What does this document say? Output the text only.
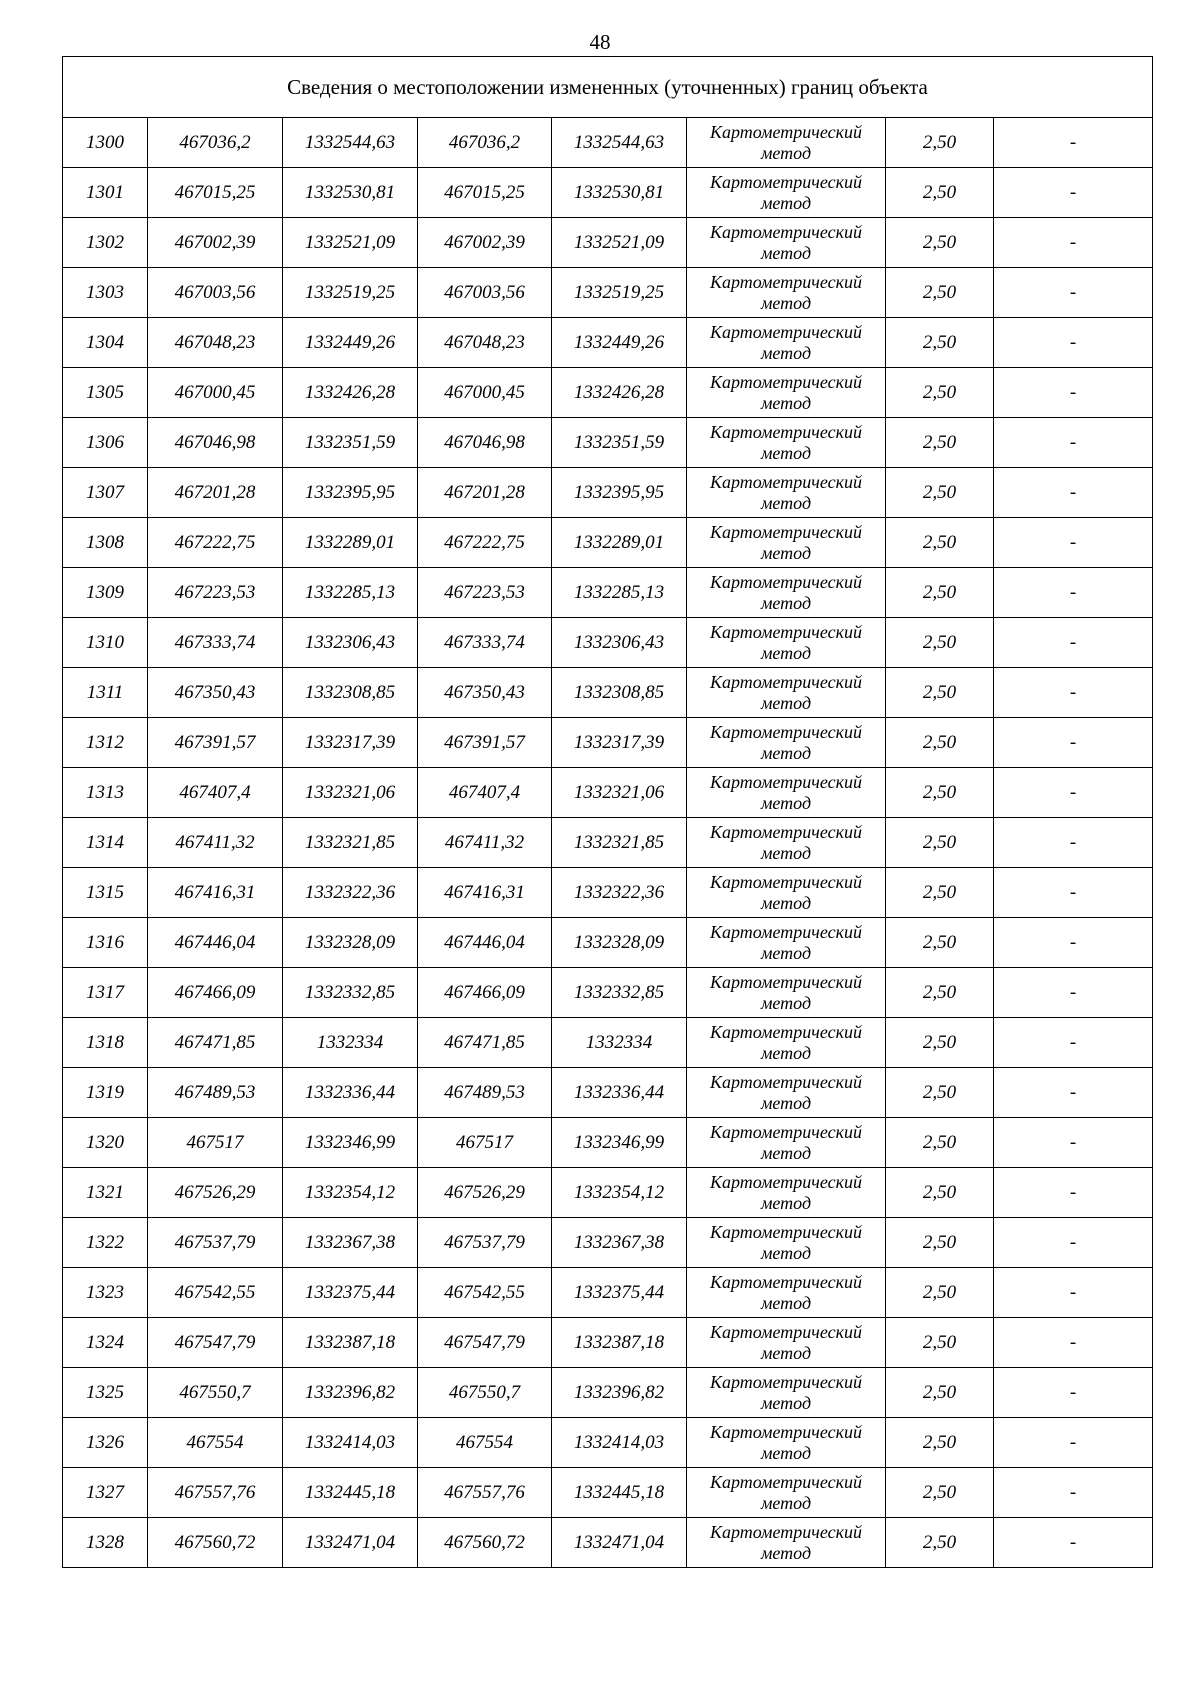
48
Сведения о местоположении измененных (уточненных) границ объекта							
1300	467036,2	1332544,63	467036,2	1332544,63	Картометрический
метод	2,50	-
1301	467015,25	1332530,81	467015,25	1332530,81	Картометрический
метод	2,50	-
1302	467002,39	1332521,09	467002,39	1332521,09	Картометрический
метод	2,50	-
1303	467003,56	1332519,25	467003,56	1332519,25	Картометрический
метод	2,50	-
1304	467048,23	1332449,26	467048,23	1332449,26	Картометрический
метод	2,50	-
1305	467000,45	1332426,28	467000,45	1332426,28	Картометрический
метод	2,50	-
1306	467046,98	1332351,59	467046,98	1332351,59	Картометрический
метод	2,50	-
1307	467201,28	1332395,95	467201,28	1332395,95	Картометрический
метод	2,50	-
1308	467222,75	1332289,01	467222,75	1332289,01	Картометрический
метод	2,50	-
1309	467223,53	1332285,13	467223,53	1332285,13	Картометрический
метод	2,50	-
1310	467333,74	1332306,43	467333,74	1332306,43	Картометрический
метод	2,50	-
1311	467350,43	1332308,85	467350,43	1332308,85	Картометрический
метод	2,50	-
1312	467391,57	1332317,39	467391,57	1332317,39	Картометрический
метод	2,50	-
1313	467407,4	1332321,06	467407,4	1332321,06	Картометрический
метод	2,50	-
1314	467411,32	1332321,85	467411,32	1332321,85	Картометрический
метод	2,50	-
1315	467416,31	1332322,36	467416,31	1332322,36	Картометрический
метод	2,50	-
1316	467446,04	1332328,09	467446,04	1332328,09	Картометрический
метод	2,50	-
1317	467466,09	1332332,85	467466,09	1332332,85	Картометрический
метод	2,50	-
1318	467471,85	1332334	467471,85	1332334	Картометрический
метод	2,50	-
1319	467489,53	1332336,44	467489,53	1332336,44	Картометрический
метод	2,50	-
1320	467517	1332346,99	467517	1332346,99	Картометрический
метод	2,50	-
1321	467526,29	1332354,12	467526,29	1332354,12	Картометрический
метод	2,50	-
1322	467537,79	1332367,38	467537,79	1332367,38	Картометрический
метод	2,50	-
1323	467542,55	1332375,44	467542,55	1332375,44	Картометрический
метод	2,50	-
1324	467547,79	1332387,18	467547,79	1332387,18	Картометрический
метод	2,50	-
1325	467550,7	1332396,82	467550,7	1332396,82	Картометрический
метод	2,50	-
1326	467554	1332414,03	467554	1332414,03	Картометрический
метод	2,50	-
1327	467557,76	1332445,18	467557,76	1332445,18	Картометрический
метод	2,50	-
1328	467560,72	1332471,04	467560,72	1332471,04	Картометрический
метод	2,50	-
